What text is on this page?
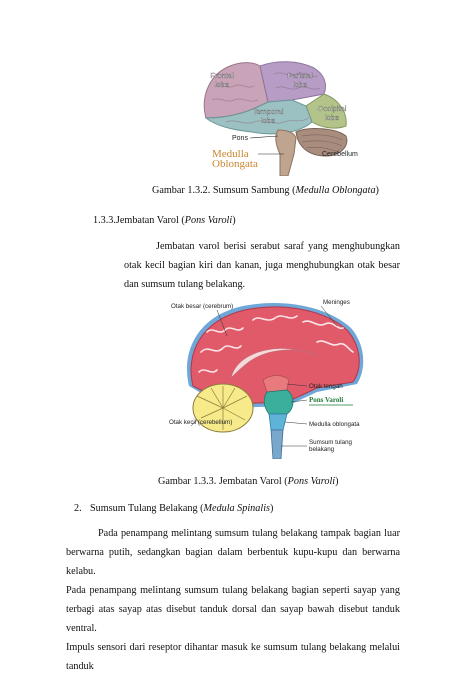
Frontal
lobe
Parietal
lobe
Temporal
lobe
Occipital
lobe
Pons
Medulla
Oblongata
Cerebellum
Gambar 1.3.2. Sumsum Sambung (Medulla Oblongata)
1.3.3.Jembatan Varol (Pons Varoli)
Jembatan varol berisi serabut saraf yang menghubungkan otak kecil bagian kiri dan kanan, juga menghubungkan otak besar dan sumsum tulang belakang.
Otak besar (cerebrum)
Meninges
Otak tengah
Medulla oblongata
Otak kecil (cerebellum)
Sumsum tulang
belakang
Pons Varoli
Gambar 1.3.3. Jembatan Varol (Pons Varoli)
2. Sumsum Tulang Belakang (Medula Spinalis)
Pada penampang melintang sumsum tulang belakang tampak bagian luar
berwarna putih, sedangkan bagian dalam berbentuk kupu-kupu dan berwarna kelabu.
Pada penampang melintang sumsum tulang belakang bagian seperti sayap yang
terbagi atas sayap atas disebut tanduk dorsal dan sayap bawah disebut tanduk ventral.
Impuls sensori dari reseptor dihantar masuk ke sumsum tulang belakang melalui tanduk
